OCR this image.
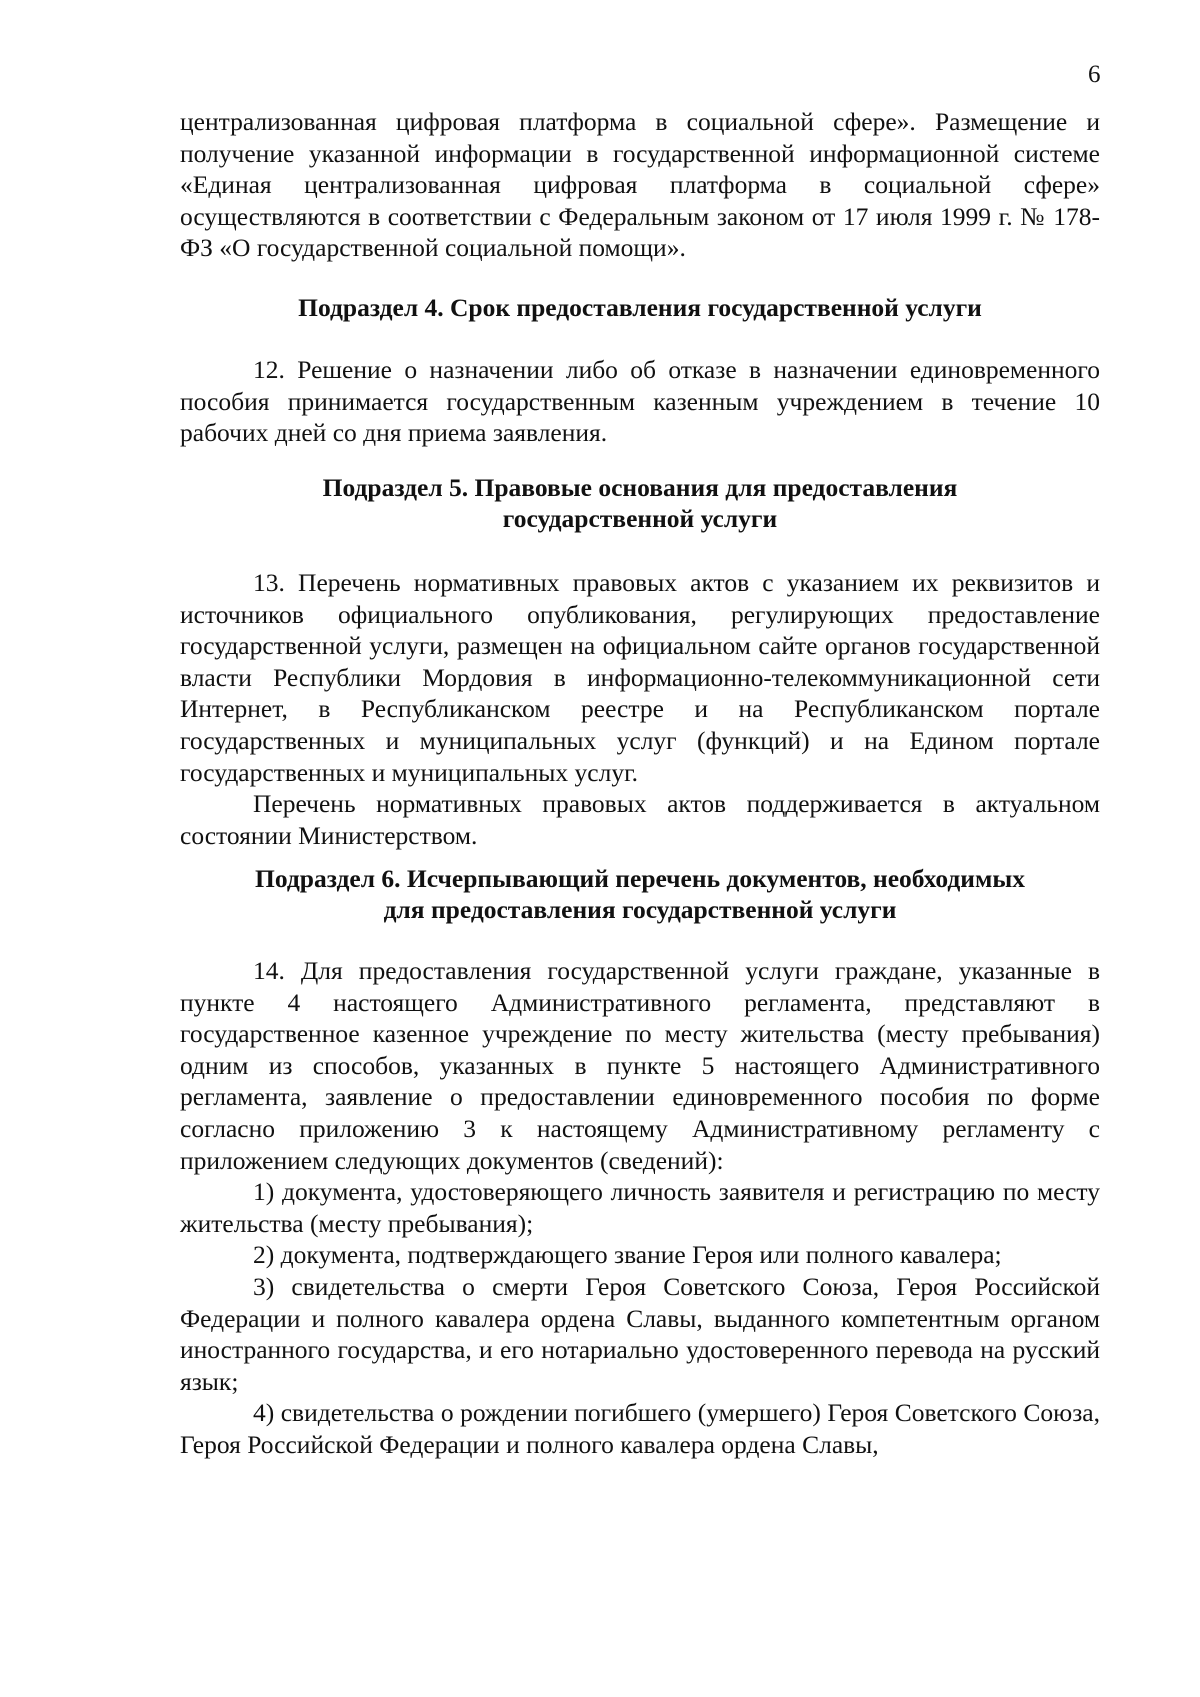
6

централизованная цифровая платформа в социальной сфере». Размещение и получение указанной информации в государственной информационной системе «Единая централизованная цифровая платформа в социальной сфере» осуществляются в соответствии с Федеральным законом от 17 июля 1999 г. № 178-ФЗ «О государственной социальной помощи».

Подраздел 4. Срок предоставления государственной услуги

12. Решение о назначении либо об отказе в назначении единовременного пособия принимается государственным казенным учреждением в течение 10 рабочих дней со дня приема заявления.

Подраздел 5. Правовые основания для предоставления
государственной услуги

13. Перечень нормативных правовых актов с указанием их реквизитов и источников официального опубликования, регулирующих предоставление государственной услуги, размещен на официальном сайте органов государственной власти Республики Мордовия в информационно-телекоммуникационной сети Интернет, в Республиканском реестре и на Республиканском портале государственных и муниципальных услуг (функций) и на Едином портале государственных и муниципальных услуг.

Перечень нормативных правовых актов поддерживается в актуальном состоянии Министерством.

Подраздел 6. Исчерпывающий перечень документов, необходимых
для предоставления государственной услуги

14. Для предоставления государственной услуги граждане, указанные в пункте 4 настоящего Административного регламента, представляют в государственное казенное учреждение по месту жительства (месту пребывания) одним из способов, указанных в пункте 5 настоящего Административного регламента, заявление о предоставлении единовременного пособия по форме согласно приложению 3 к настоящему Административному регламенту с приложением следующих документов (сведений):

1) документа, удостоверяющего личность заявителя и регистрацию по месту жительства (месту пребывания);

2) документа, подтверждающего звание Героя или полного кавалера;

3) свидетельства о смерти Героя Советского Союза, Героя Российской Федерации и полного кавалера ордена Славы, выданного компетентным органом иностранного государства, и его нотариально удостоверенного перевода на русский язык;

4) свидетельства о рождении погибшего (умершего) Героя Советского Союза, Героя Российской Федерации и полного кавалера ордена Славы,
